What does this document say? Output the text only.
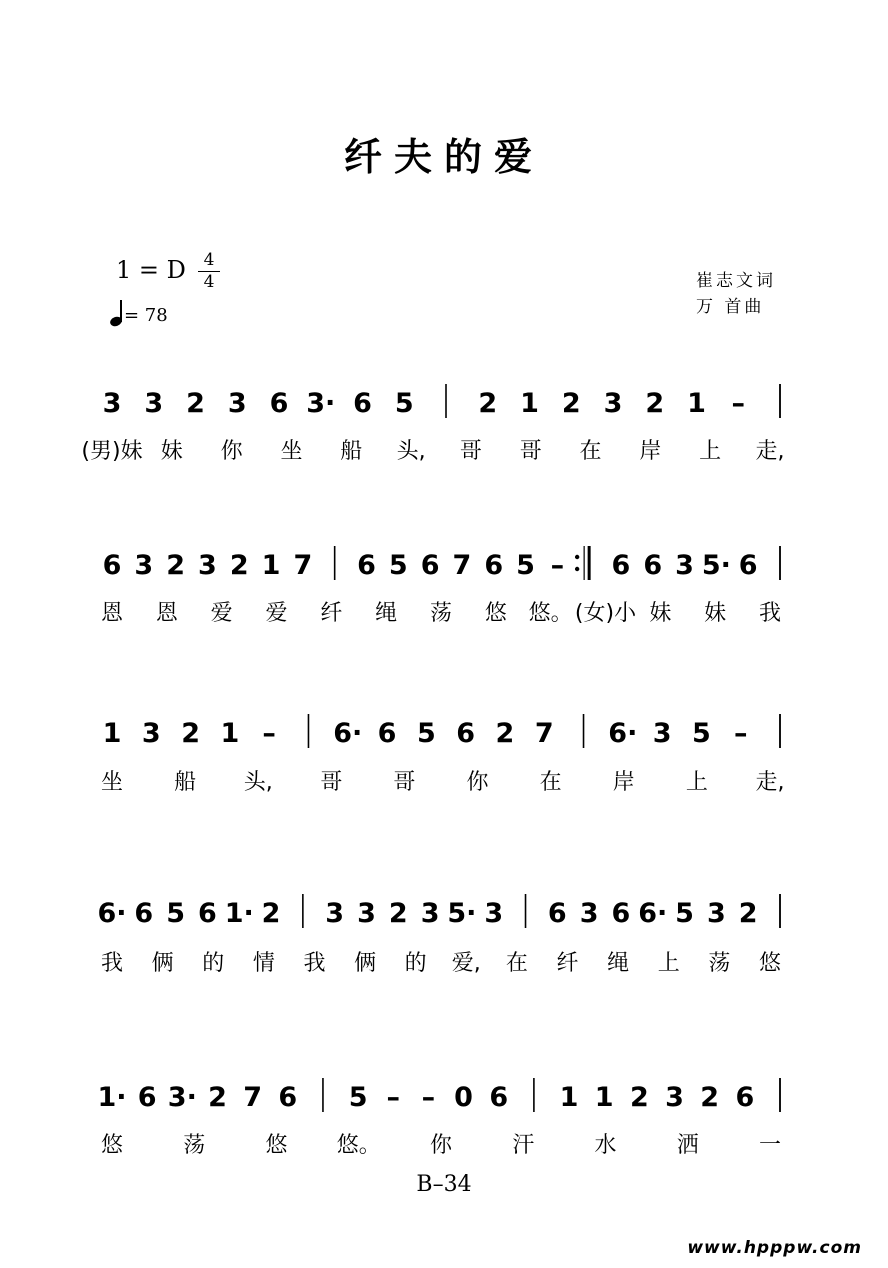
纤夫的爱
1 = D	4
4
= 78
崔志文词
万 首曲
3 3 2 3 6 3· 6 5 2 1 2 3 2 1 –
(男)妹 妹 你 坐 船 头, 哥 哥 在 岸 上 走,
6 3 2 3 2 1 7 6 5 6 7 6 5 – 6 6 3 5· 6
恩 恩 爱 爱 纤 绳 荡 悠 悠。 (女)小 妹 妹 我
1 3 2 1 – 6· 6 5 6 2 7 6· 3 5 –
坐 船 头, 哥 哥 你 在 岸 上 走,
6· 6 5 6 1· 2 3 3 2 3 5· 3 6 3 6 6· 5 3 2
我 俩 的 情 我 俩 的 爱, 在 纤 绳 上 荡 悠
1· 6 3· 2 7 6 5 – – 0 6 1 1 2 3 2 6
悠	荡	悠 悠。 你	汗	水	洒	一
B–34
www.hpppw.com
